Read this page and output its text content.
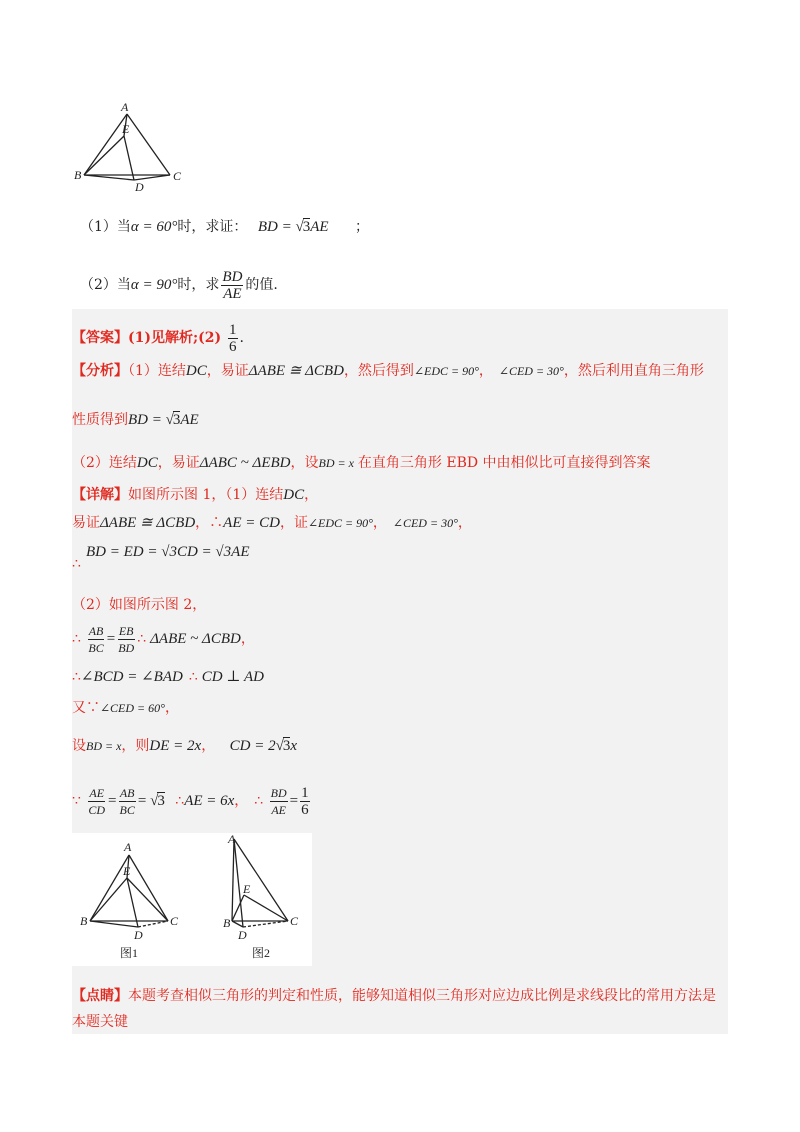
A
E
B
D
C
（1）当α = 60°时，求证： BD = √3AE ；
（2）当α = 90°时，求 $\frac{BD}{AE}$ 的值.
【答案】(1)见解析;(2) $\frac{1}{6}$ .
【分析】（1）连结DC，易证ΔABE ≅ ΔCBD，然后得到∠EDC = 90°， ∠CED = 30°，然后利用直角三角形
性质得到BD = √3AE
（2）连结DC，易证ΔABC ~ ΔEBD，设BD = x 在直角三角形 EBD 中由相似比可直接得到答案
【详解】如图所示图 1，（1）连结DC，
易证ΔABE ≅ ΔCBD，∴AE = CD，证∠EDC = 90°， ∠CED = 30°，
BD = ED = √3CD = √3AE
∴
（2）如图所示图 2，
∴ $\frac{AB}{BC} = \frac{EB}{BD}$ ∴ ΔABE ~ ΔCBD，
∴∠BCD = ∠BAD ∴ CD ⊥ AD
又∵∠CED = 60°，
设BD = x，则DE = 2x， CD = 2√3x
∵ $\frac{AE}{CD} = \frac{AB}{BC} = √3$ ∴AE = 6x， ∴ $\frac{BD}{AE} = \frac{1}{6}$
A
E
B
D
C
图1
A
E
B
D
C
图2
【点睛】本题考查相似三角形的判定和性质，能够知道相似三角形对应边成比例是求线段比的常用方法是
本题关键
